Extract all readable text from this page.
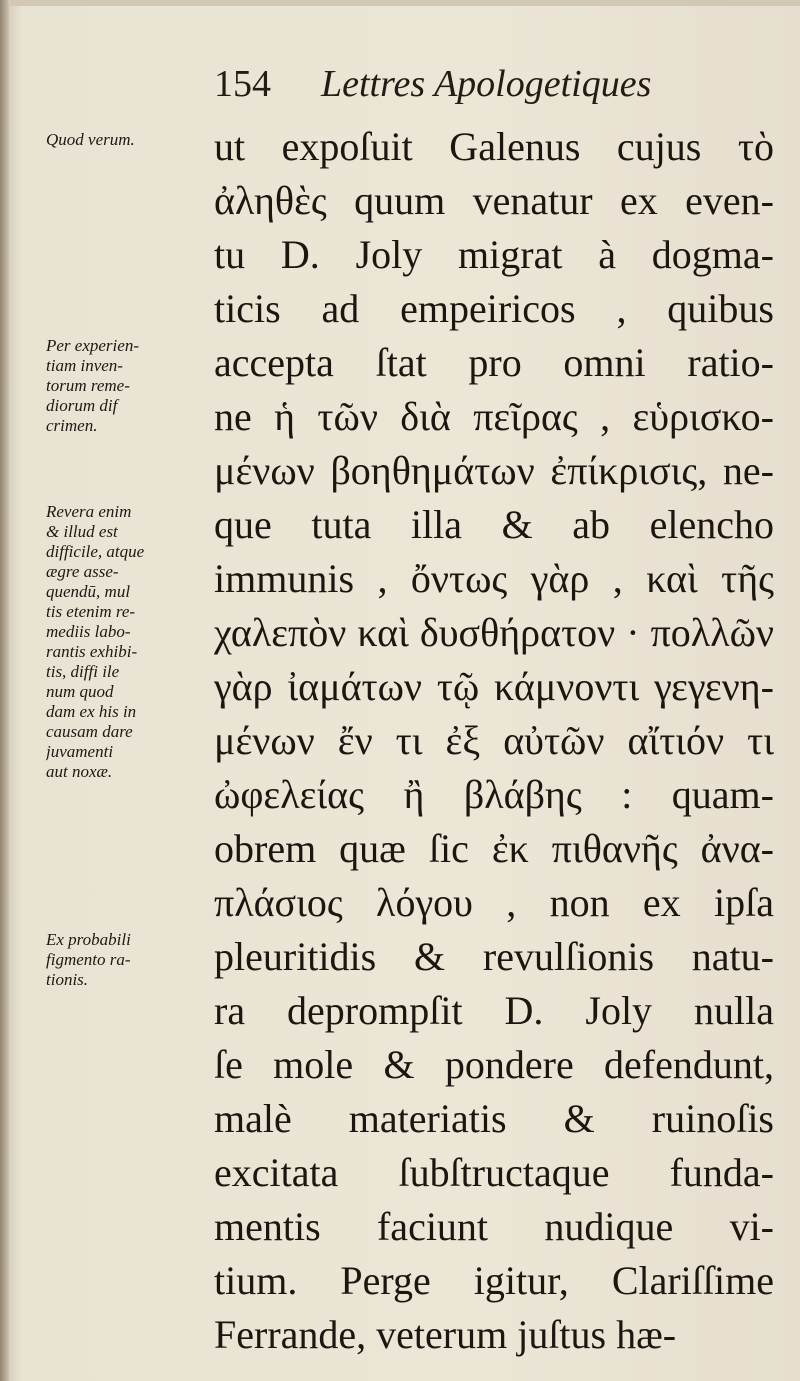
154 Lettres Apologetiques
Quod verum.
Per experien-
tiam inven-
torum reme-
diorum dif
crimen.
Revera enim
& illud est
difficile, atque
ægre asse-
quendū, mul
tis etenim re-
mediis labo-
rantis exhibi-
tis, diffi ile
num quod
dam ex his in
causam dare
juvamenti
aut noxæ.
Ex probabili
figmento ra-
tionis.
ut expoſuit Galenus cujus τὸ
ἀληθὲς quum venatur ex even-
tu D. Joly migrat à dogma-
ticis ad empeiricos , quibus
accepta ſtat pro omni ratio-
ne ἡ τῶν διὰ πεῖρας , εὑρισκο-
μένων βοηθημάτων ἐπίκρισις, ne-
que tuta illa & ab elencho
immunis , ὄντως γὰρ , καὶ τῆς
χαλεπὸν καὶ δυσθήρατον · πολλῶν
γὰρ ἰαμάτων τῷ κάμνοντι γεγενη-
μένων ἔν τι ἐξ αὐτῶν αἴτιόν τι
ὠφελείας ἢ βλάβης : quam-
obrem quæ ſic ἐκ πιθανῆς ἀνα-
πλάσιος λόγου , non ex ipſa
pleuritidis & revulſionis natu-
ra deprompſit D. Joly nulla
ſe mole & pondere defendunt,
malè materiatis & ruinoſis
excitata ſubſtructaque funda-
mentis faciunt nudique vi-
tium. Perge igitur, Clariſſime
Ferrande, veterum juſtus hæ-
